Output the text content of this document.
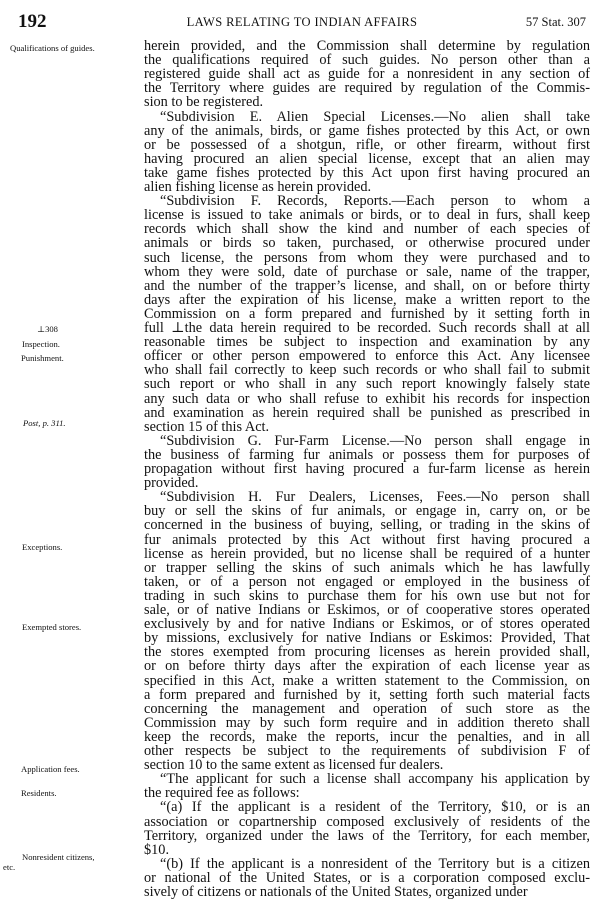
192	LAWS RELATING TO INDIAN AFFAIRS	57 Stat. 307
Qualifications of guides.
⊥308
Inspection.
Punishment.
Post, p. 311.
Exceptions.
Exempted stores.
Application fees.
Residents.
Nonresident citizens,
etc.
herein provided, and the Commission shall determine by regulation
the qualifications required of such guides. No person other than a
registered guide shall act as guide for a nonresident in any section of
the Territory where guides are required by regulation of the Commis-
sion to be registered.
“Subdivision E. Alien Special Licenses.—No alien shall take
any of the animals, birds, or game fishes protected by this Act, or own
or be possessed of a shotgun, rifle, or other firearm, without first
having procured an alien special license, except that an alien may
take game fishes protected by this Act upon first having procured an
alien fishing license as herein provided.
“Subdivision F. Records, Reports.—Each person to whom a
license is issued to take animals or birds, or to deal in furs, shall keep
records which shall show the kind and number of each species of
animals or birds so taken, purchased, or otherwise procured under
such license, the persons from whom they were purchased and to
whom they were sold, date of purchase or sale, name of the trapper,
and the number of the trapper’s license, and shall, on or before thirty
days after the expiration of his license, make a written report to the
Commission on a form prepared and furnished by it setting forth in
full ⊥the data herein required to be recorded. Such records shall at all
reasonable times be subject to inspection and examination by any
officer or other person empowered to enforce this Act. Any licensee
who shall fail correctly to keep such records or who shall fail to submit
such report or who shall in any such report knowingly falsely state
any such data or who shall refuse to exhibit his records for inspection
and examination as herein required shall be punished as prescribed in
section 15 of this Act.
“Subdivision G. Fur-Farm License.—No person shall engage in
the business of farming fur animals or possess them for purposes of
propagation without first having procured a fur-farm license as herein
provided.
“Subdivision H. Fur Dealers, Licenses, Fees.—No person shall
buy or sell the skins of fur animals, or engage in, carry on, or be
concerned in the business of buying, selling, or trading in the skins of
fur animals protected by this Act without first having procured a
license as herein provided, but no license shall be required of a hunter
or trapper selling the skins of such animals which he has lawfully
taken, or of a person not engaged or employed in the business of
trading in such skins to purchase them for his own use but not for
sale, or of native Indians or Eskimos, or of cooperative stores operated
exclusively by and for native Indians or Eskimos, or of stores operated
by missions, exclusively for native Indians or Eskimos: Provided, That
the stores exempted from procuring licenses as herein provided shall,
or on before thirty days after the expiration of each license year as
specified in this Act, make a written statement to the Commission, on
a form prepared and furnished by it, setting forth such material facts
concerning the management and operation of such store as the
Commission may by such form require and in addition thereto shall
keep the records, make the reports, incur the penalties, and in all
other respects be subject to the requirements of subdivision F of
section 10 to the same extent as licensed fur dealers.
“The applicant for such a license shall accompany his application by
the required fee as follows:
“(a) If the applicant is a resident of the Territory, $10, or is an
association or copartnership composed exclusively of residents of the
Territory, organized under the laws of the Territory, for each member,
$10.
“(b) If the applicant is a nonresident of the Territory but is a citizen
or national of the United States, or is a corporation composed exclu-
sively of citizens or nationals of the United States, organized under
